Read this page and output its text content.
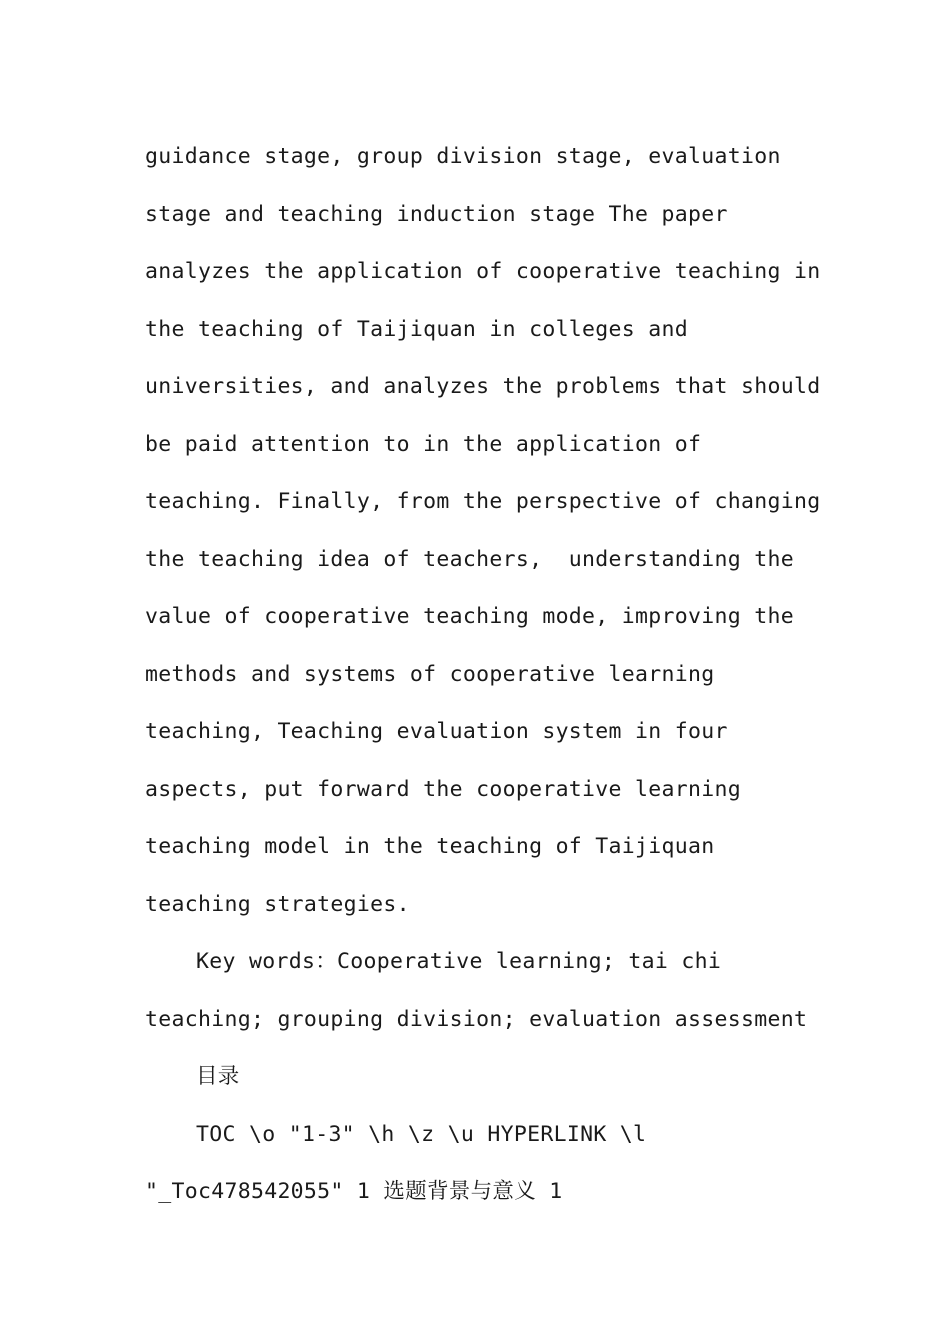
guidance stage, group division stage, evaluation
stage and teaching induction stage The paper
analyzes the application of cooperative teaching in
the teaching of Taijiquan in colleges and
universities, and analyzes the problems that should
be paid attention to in the application of
teaching. Finally, from the perspective of changing
the teaching idea of teachers,  understanding the
value of cooperative teaching mode, improving the
methods and systems of cooperative learning
teaching, Teaching evaluation system in four
aspects, put forward the cooperative learning
teaching model in the teaching of Taijiquan
teaching strategies.
Key words：Cooperative learning; tai chi
teaching; grouping division; evaluation assessment
目录
TOC \o "1-3" \h \z \u HYPERLINK \l
"_Toc478542055" 1 选题背景与意义 1
